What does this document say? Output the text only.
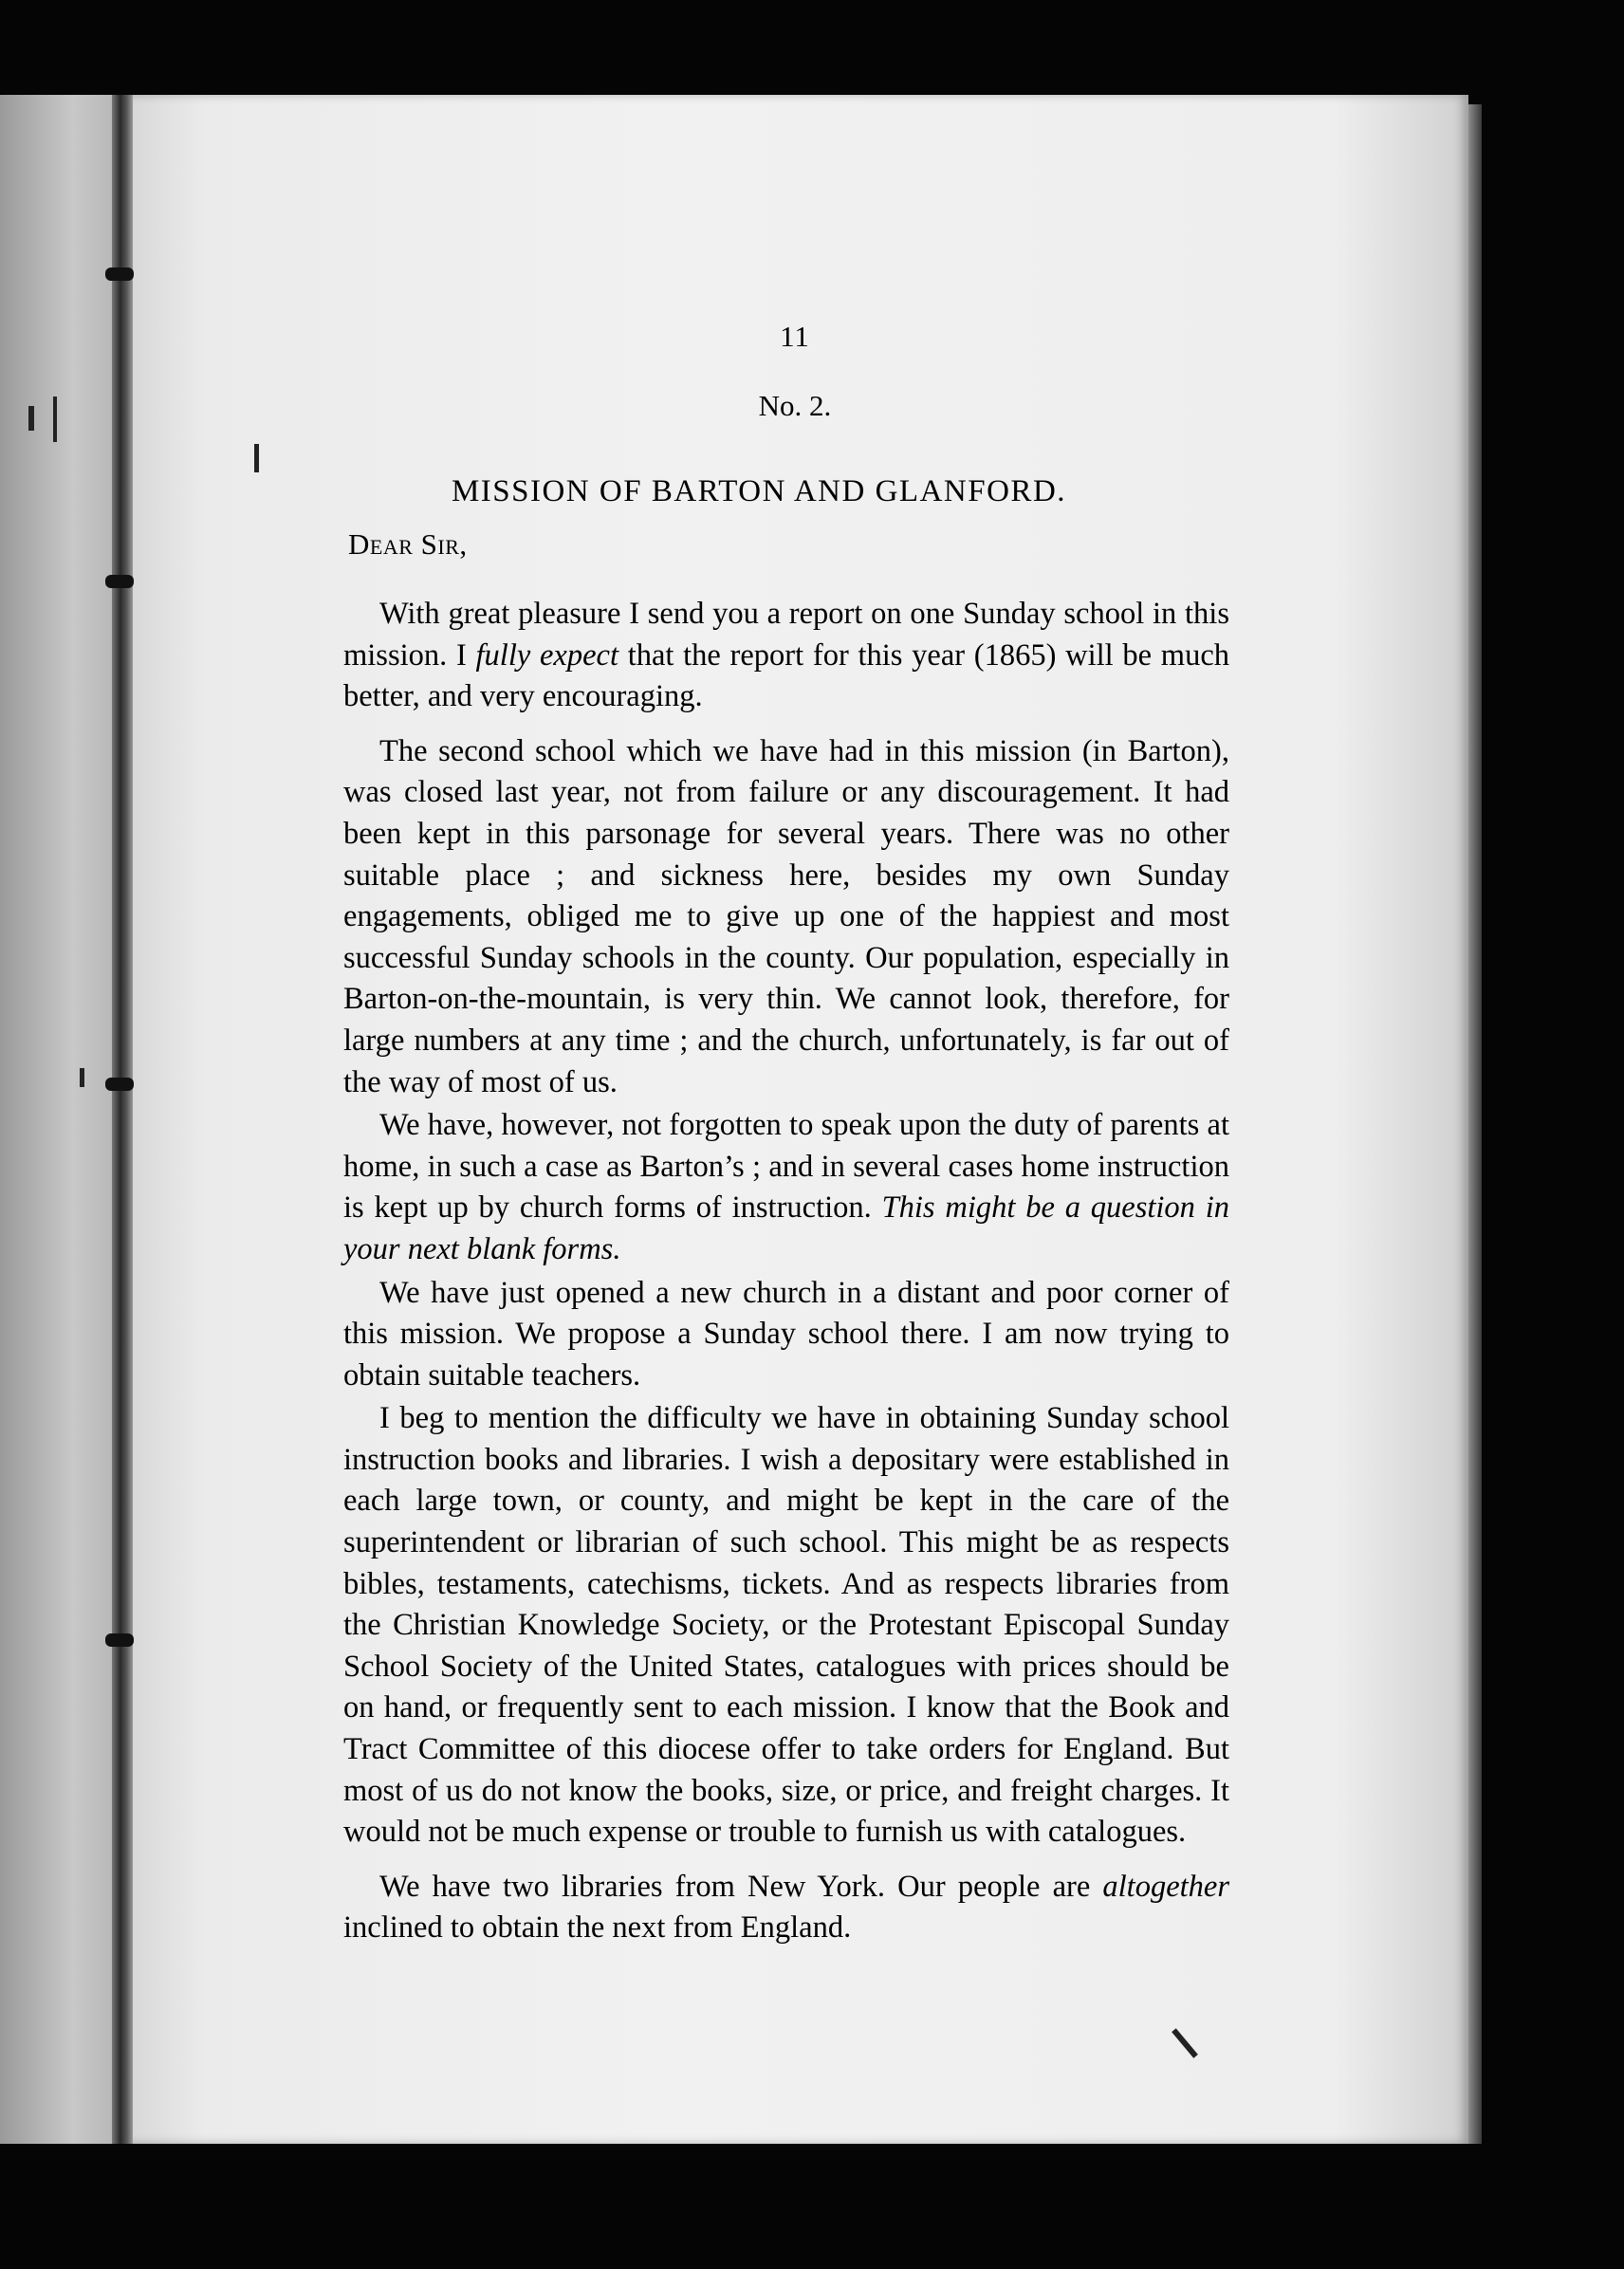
11
No. 2.
MISSION OF BARTON AND GLANFORD.
Dear Sir,

With great pleasure I send you a report on one Sunday school in this mission. I fully expect that the report for this year (1865) will be much better, and very encouraging.

The second school which we have had in this mission (in Barton), was closed last year, not from failure or any discouragement. It had been kept in this parsonage for several years. There was no other suitable place ; and sickness here, besides my own Sunday engagements, obliged me to give up one of the happiest and most successful Sunday schools in the county. Our population, especially in Barton-on-the-mountain, is very thin. We cannot look, therefore, for large numbers at any time ; and the church, unfortunately, is far out of the way of most of us.

We have, however, not forgotten to speak upon the duty of parents at home, in such a case as Barton’s ; and in several cases home instruction is kept up by church forms of instruction. This might be a question in your next blank forms.

We have just opened a new church in a distant and poor corner of this mission. We propose a Sunday school there. I am now trying to obtain suitable teachers.

I beg to mention the difficulty we have in obtaining Sunday school instruction books and libraries. I wish a depositary were established in each large town, or county, and might be kept in the care of the superintendent or librarian of such school. This might be as respects bibles, testaments, catechisms, tickets. And as respects libraries from the Christian Knowledge Society, or the Protestant Episcopal Sunday School Society of the United States, catalogues with prices should be on hand, or frequently sent to each mission. I know that the Book and Tract Committee of this diocese offer to take orders for England. But most of us do not know the books, size, or price, and freight charges. It would not be much expense or trouble to furnish us with catalogues.

We have two libraries from New York. Our people are altogether inclined to obtain the next from England.
